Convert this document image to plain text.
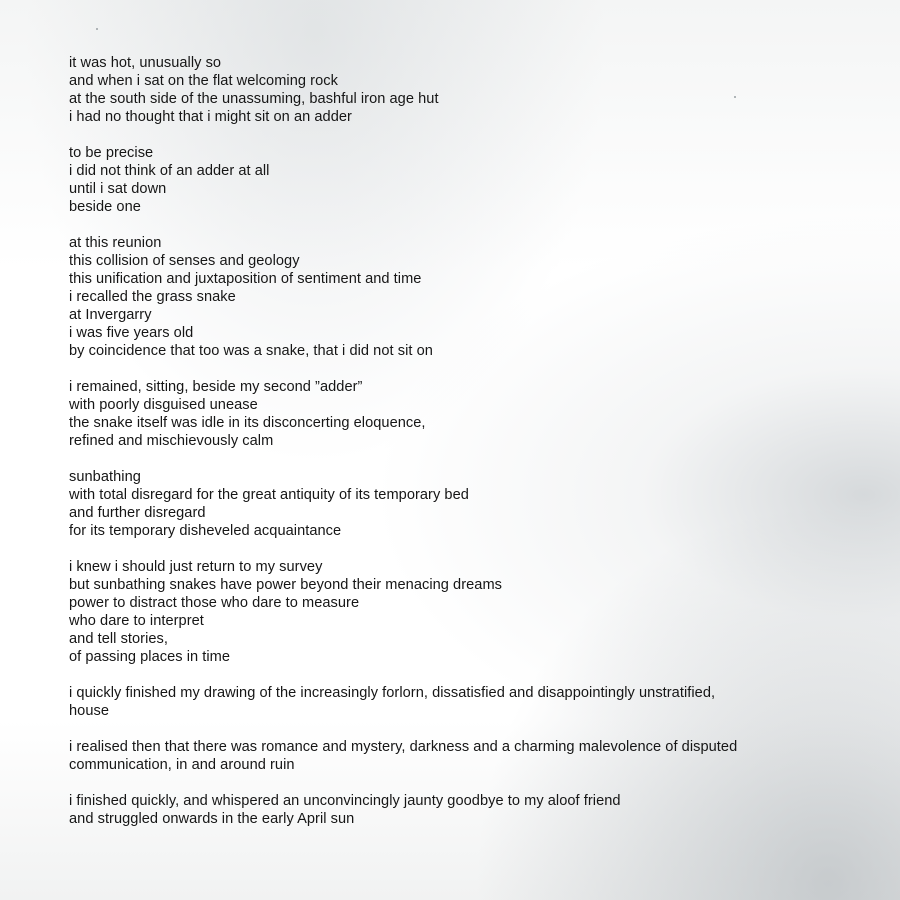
it was hot, unusually so
and when i sat on the flat welcoming rock
at the south side of the unassuming, bashful iron age hut
i had no thought that i might sit on an adder
to be precise
i did not think of an adder at all
until i sat down
beside one
at this reunion
this collision of senses and geology
this unification and juxtaposition of sentiment and time
i recalled the grass snake
at Invergarry
i was five years old
by coincidence that too was a snake, that i did not sit on
i remained, sitting, beside my second ”adder”
with poorly disguised unease
the snake itself was idle in its disconcerting eloquence,
refined and mischievously calm
sunbathing
with total disregard for the great antiquity of its temporary bed
and further disregard
for its temporary disheveled acquaintance
i knew i should just return to my survey
but sunbathing snakes have power beyond their menacing dreams
power to distract those who dare to measure
who dare to interpret
and tell stories,
of passing places in time
i quickly finished my drawing of the increasingly forlorn, dissatisfied and disappointingly unstratified,
house
i realised then that there was romance and mystery, darkness and a charming malevolence of disputed
communication, in and around ruin
i finished quickly, and whispered an unconvincingly jaunty goodbye to my aloof friend
and struggled onwards in the early April sun
